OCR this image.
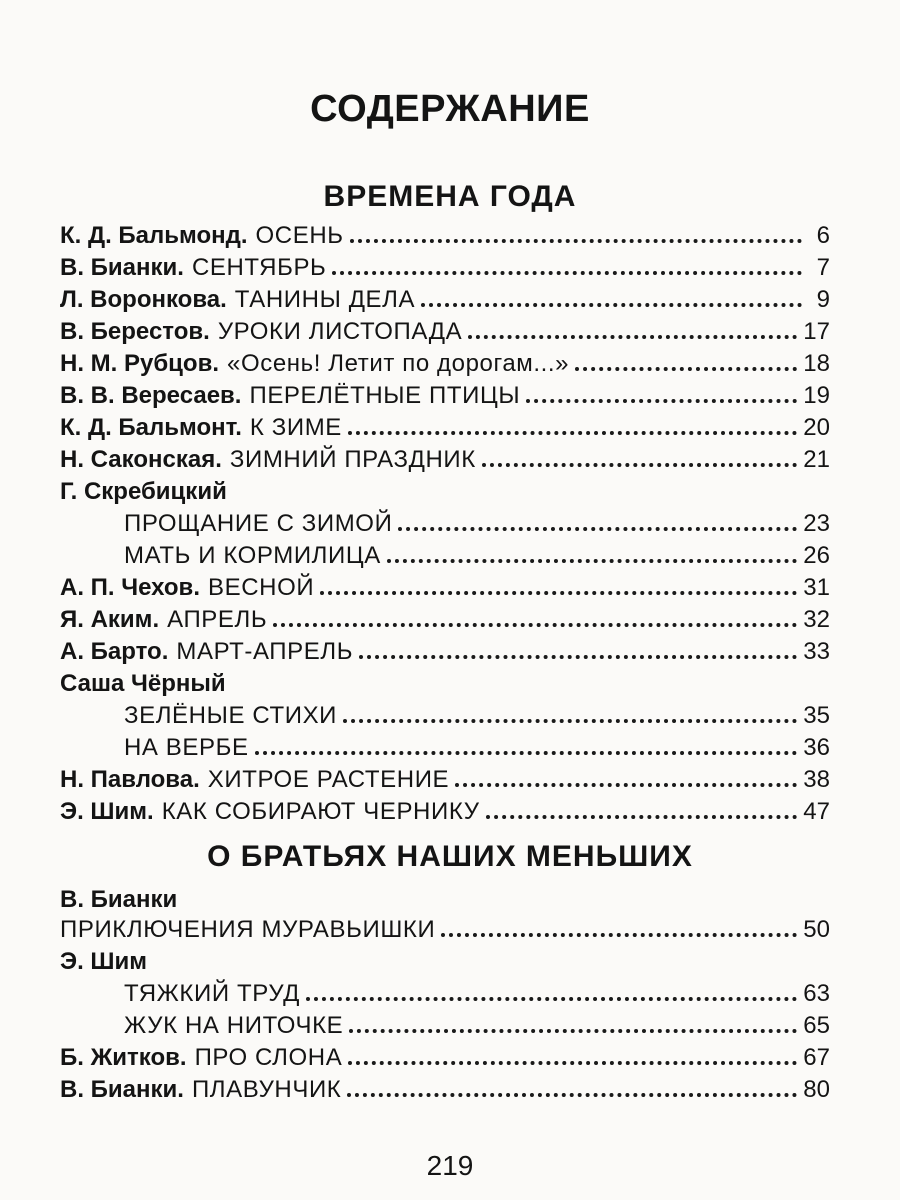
СОДЕРЖАНИЕ
ВРЕМЕНА ГОДА
К. Д. Бальмонд. ОСЕНЬ	6
В. Бианки. СЕНТЯБРЬ	7
Л. Воронкова. ТАНИНЫ ДЕЛА	9
В. Берестов. УРОКИ ЛИСТОПАДА	17
Н. М. Рубцов. «Осень! Летит по дорогам...»	18
В. В. Вересаев. ПЕРЕЛЁТНЫЕ ПТИЦЫ	19
К. Д. Бальмонт. К ЗИМЕ	20
Н. Саконская. ЗИМНИЙ ПРАЗДНИК	21
Г. Скребицкий
ПРОЩАНИЕ С ЗИМОЙ	23
МАТЬ И КОРМИЛИЦА	26
А. П. Чехов. ВЕСНОЙ	31
Я. Аким. АПРЕЛЬ	32
А. Барто. МАРТ-АПРЕЛЬ	33
Саша Чёрный
ЗЕЛЁНЫЕ СТИХИ	35
НА ВЕРБЕ	36
Н. Павлова. ХИТРОЕ РАСТЕНИЕ	38
Э. Шим. КАК СОБИРАЮТ ЧЕРНИКУ	47
О БРАТЬЯХ НАШИХ МЕНЬШИХ
В. Бианки
ПРИКЛЮЧЕНИЯ МУРАВЬИШКИ	50
Э. Шим
ТЯЖКИЙ ТРУД	63
ЖУК НА НИТОЧКЕ	65
Б. Житков. ПРО СЛОНА	67
В. Бианки. ПЛАВУНЧИК	80
219
